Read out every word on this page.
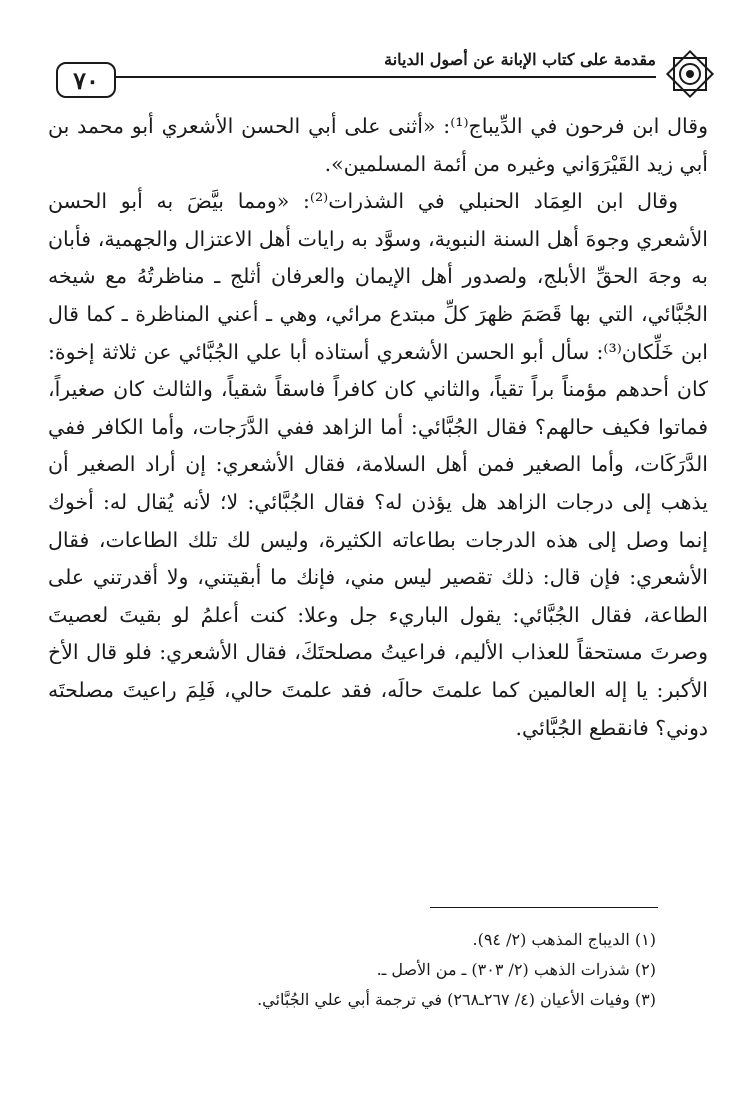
٧٠
مقدمة على كتاب الإبانة عن أصول الديانة

وقال ابن فرحون في الدِّيباج⁽¹⁾: «أثنى على أبي الحسن الأشعري أبو محمد بن أبي زيد القَيْرَوَاني وغيره من أئمة المسلمين».

وقال ابن العِمَاد الحنبلي في الشذرات⁽²⁾: «ومما بيَّضَ به أبو الحسن الأشعري وجوهَ أهل السنة النبوية، وسوَّد به رايات أهل الاعتزال والجهمية، فأبان به وجهَ الحقِّ الأبلج، ولصدور أهل الإيمان والعرفان أثلج ـ مناظرتُهُ مع شيخه الجُبَّائي، التي بها قَصَمَ ظهرَ كلِّ مبتدع مرائي، وهي ـ أعني المناظرة ـ كما قال ابن خَلِّكان⁽³⁾: سأل أبو الحسن الأشعري أستاذه أبا علي الجُبَّائي عن ثلاثة إخوة: كان أحدهم مؤمناً براً تقياً، والثاني كان كافراً فاسقاً شقياً، والثالث كان صغيراً، فماتوا فكيف حالهم؟ فقال الجُبَّائي: أما الزاهد ففي الدَّرَجات، وأما الكافر ففي الدَّرَكَات، وأما الصغير فمن أهل السلامة، فقال الأشعري: إن أراد الصغير أن يذهب إلى درجات الزاهد هل يؤذن له؟ فقال الجُبَّائي: لا؛ لأنه يُقال له: أخوك إنما وصل إلى هذه الدرجات بطاعاته الكثيرة، وليس لك تلك الطاعات، فقال الأشعري: فإن قال: ذلك تقصير ليس مني، فإنك ما أبقيتني، ولا أقدرتني على الطاعة، فقال الجُبَّائي: يقول الباريء جل وعلا: كنت أعلمُ لو بقيتَ لعصيتَ وصرتَ مستحقاً للعذاب الأليم، فراعيتُ مصلحتَكَ، فقال الأشعري: فلو قال الأخ الأكبر: يا إله العالمين كما علمتَ حالَه، فقد علمتَ حالي، فَلِمَ راعيتَ مصلحتَه دوني؟ فانقطع الجُبَّائي.

(١) الديباج المذهب (٢/ ٩٤).
(٢) شذرات الذهب (٢/ ٣٠٣) ـ من الأصل ـ.
(٣) وفيات الأعيان (٤/ ٢٦٧ـ٢٦٨) في ترجمة أبي علي الجُبَّائي.
